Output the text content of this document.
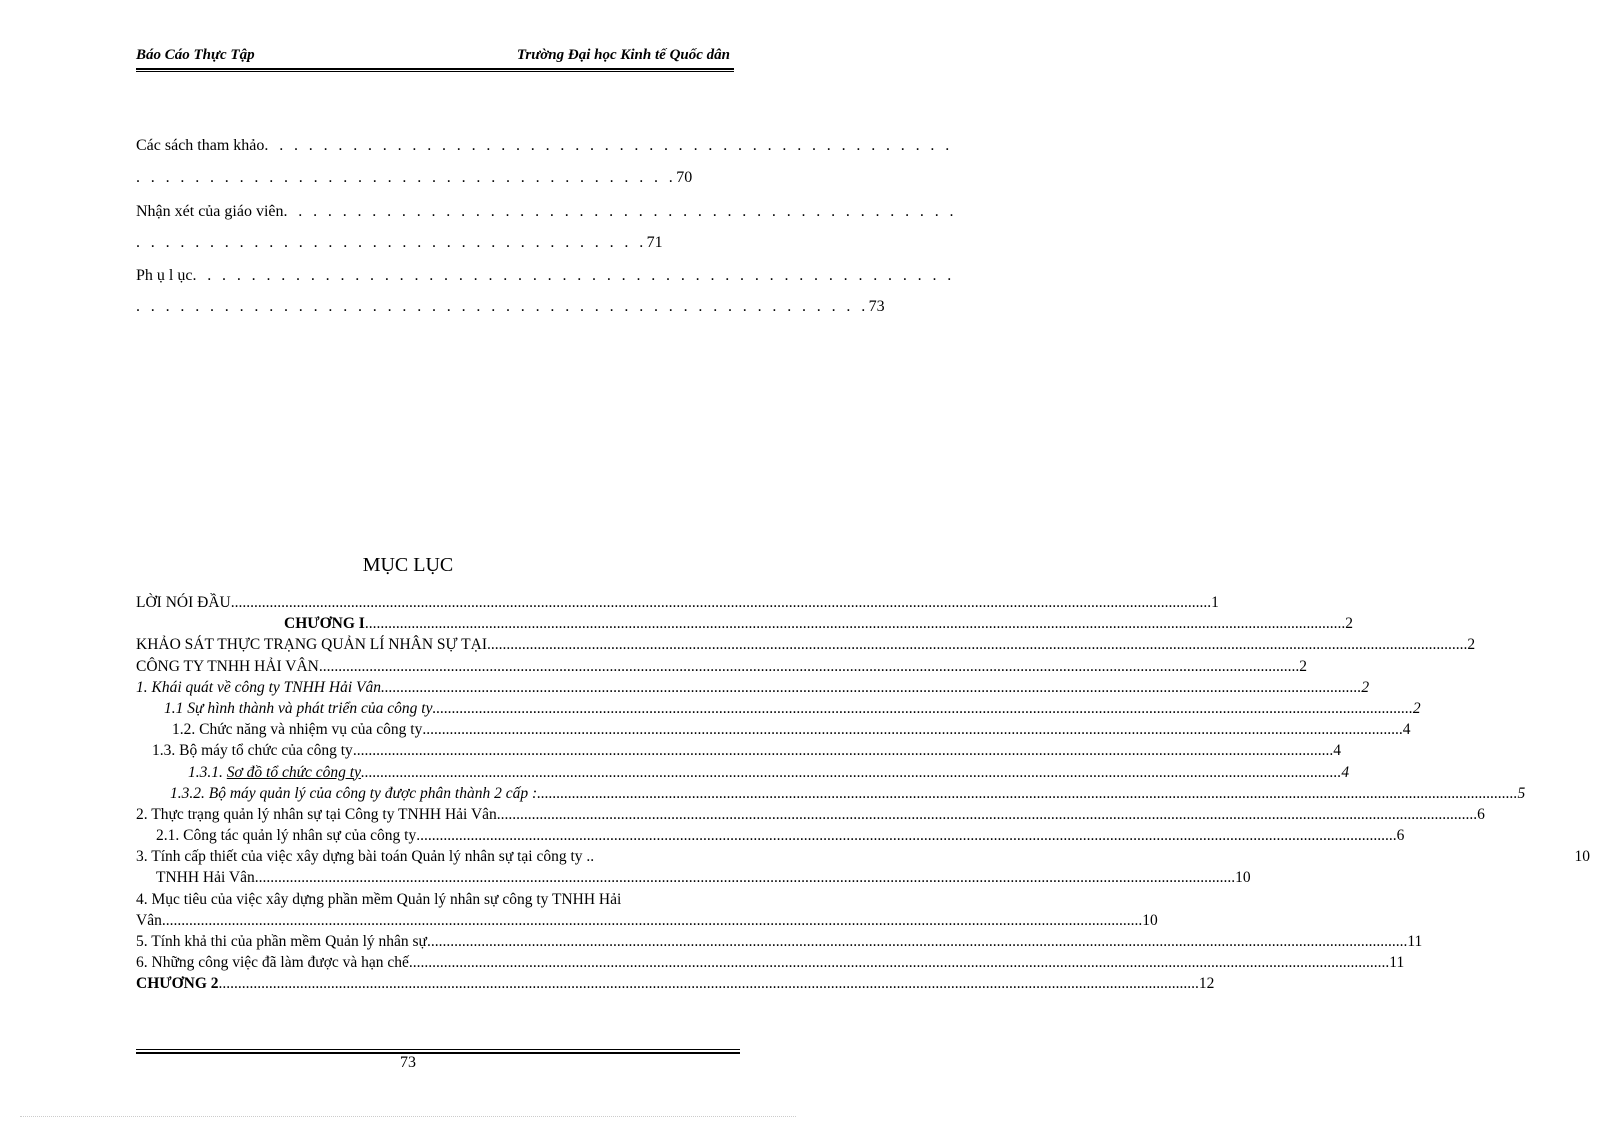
Báo Cáo Thực Tập	Trường Đại học Kinh tế Quốc dân
Các sách tham khảo. . . . . . . . . . . . . . . . . . . . . . . . . . . . . . . . . . . . . . . . . . . . . . .
. . . . . . . . . . . . . . . . . . . . . . . . . . . . . . . . . . . . .70
Nhận xét của giáo viên. . . . . . . . . . . . . . . . . . . . . . . . . . . . . . . . . . . . . . . . . . . . . .
. . . . . . . . . . . . . . . . . . . . . . . . . . . . . . . . . . .71
Ph ụ l ục. . . . . . . . . . . . . . . . . . . . . . . . . . . . . . . . . . . . . . . . . . . . . . . . . . . .
. . . . . . . . . . . . . . . . . . . . . . . . . . . . . . . . . . . . . . . . . . . . . . . . . .73
MỤC LỤC
LỜI NÓI ĐẦU .....	1
CHƯƠNG I .....	2
KHẢO SÁT THỰC TRẠNG QUẢN LÍ NHÂN SỰ TẠI .....	2
CÔNG TY TNHH HẢI VÂN .....	2
1. Khái quát về công ty TNHH Hải Vân .....	2
1.1 Sự hình thành và phát triển của công ty .....	2
1.2. Chức năng và nhiệm vụ của công ty .....	4
1.3. Bộ máy tổ chức của công ty .....	4
1.3.1. Sơ đồ tổ chức công ty .....	4
1.3.2. Bộ máy quản lý của công ty được phân thành 2 cấp : .....	5
2. Thực trạng quản lý nhân sự tại Công ty TNHH Hải Vân .....	6
2.1. Công tác quản lý nhân sự của công ty .....	6
3. Tính cấp thiết của việc xây dựng bài toán Quản lý nhân sự tại công ty ..	10
TNHH Hải Vân .....	10
4. Mục tiêu của việc xây dựng phần mềm Quản lý nhân sự công ty TNHH Hải
Vân .....	10
5. Tính khả thi của phần mềm Quản lý nhân sự .....	11
6. Những công việc đã làm được và hạn chế .....	11
CHƯƠNG 2 .....	12
73
